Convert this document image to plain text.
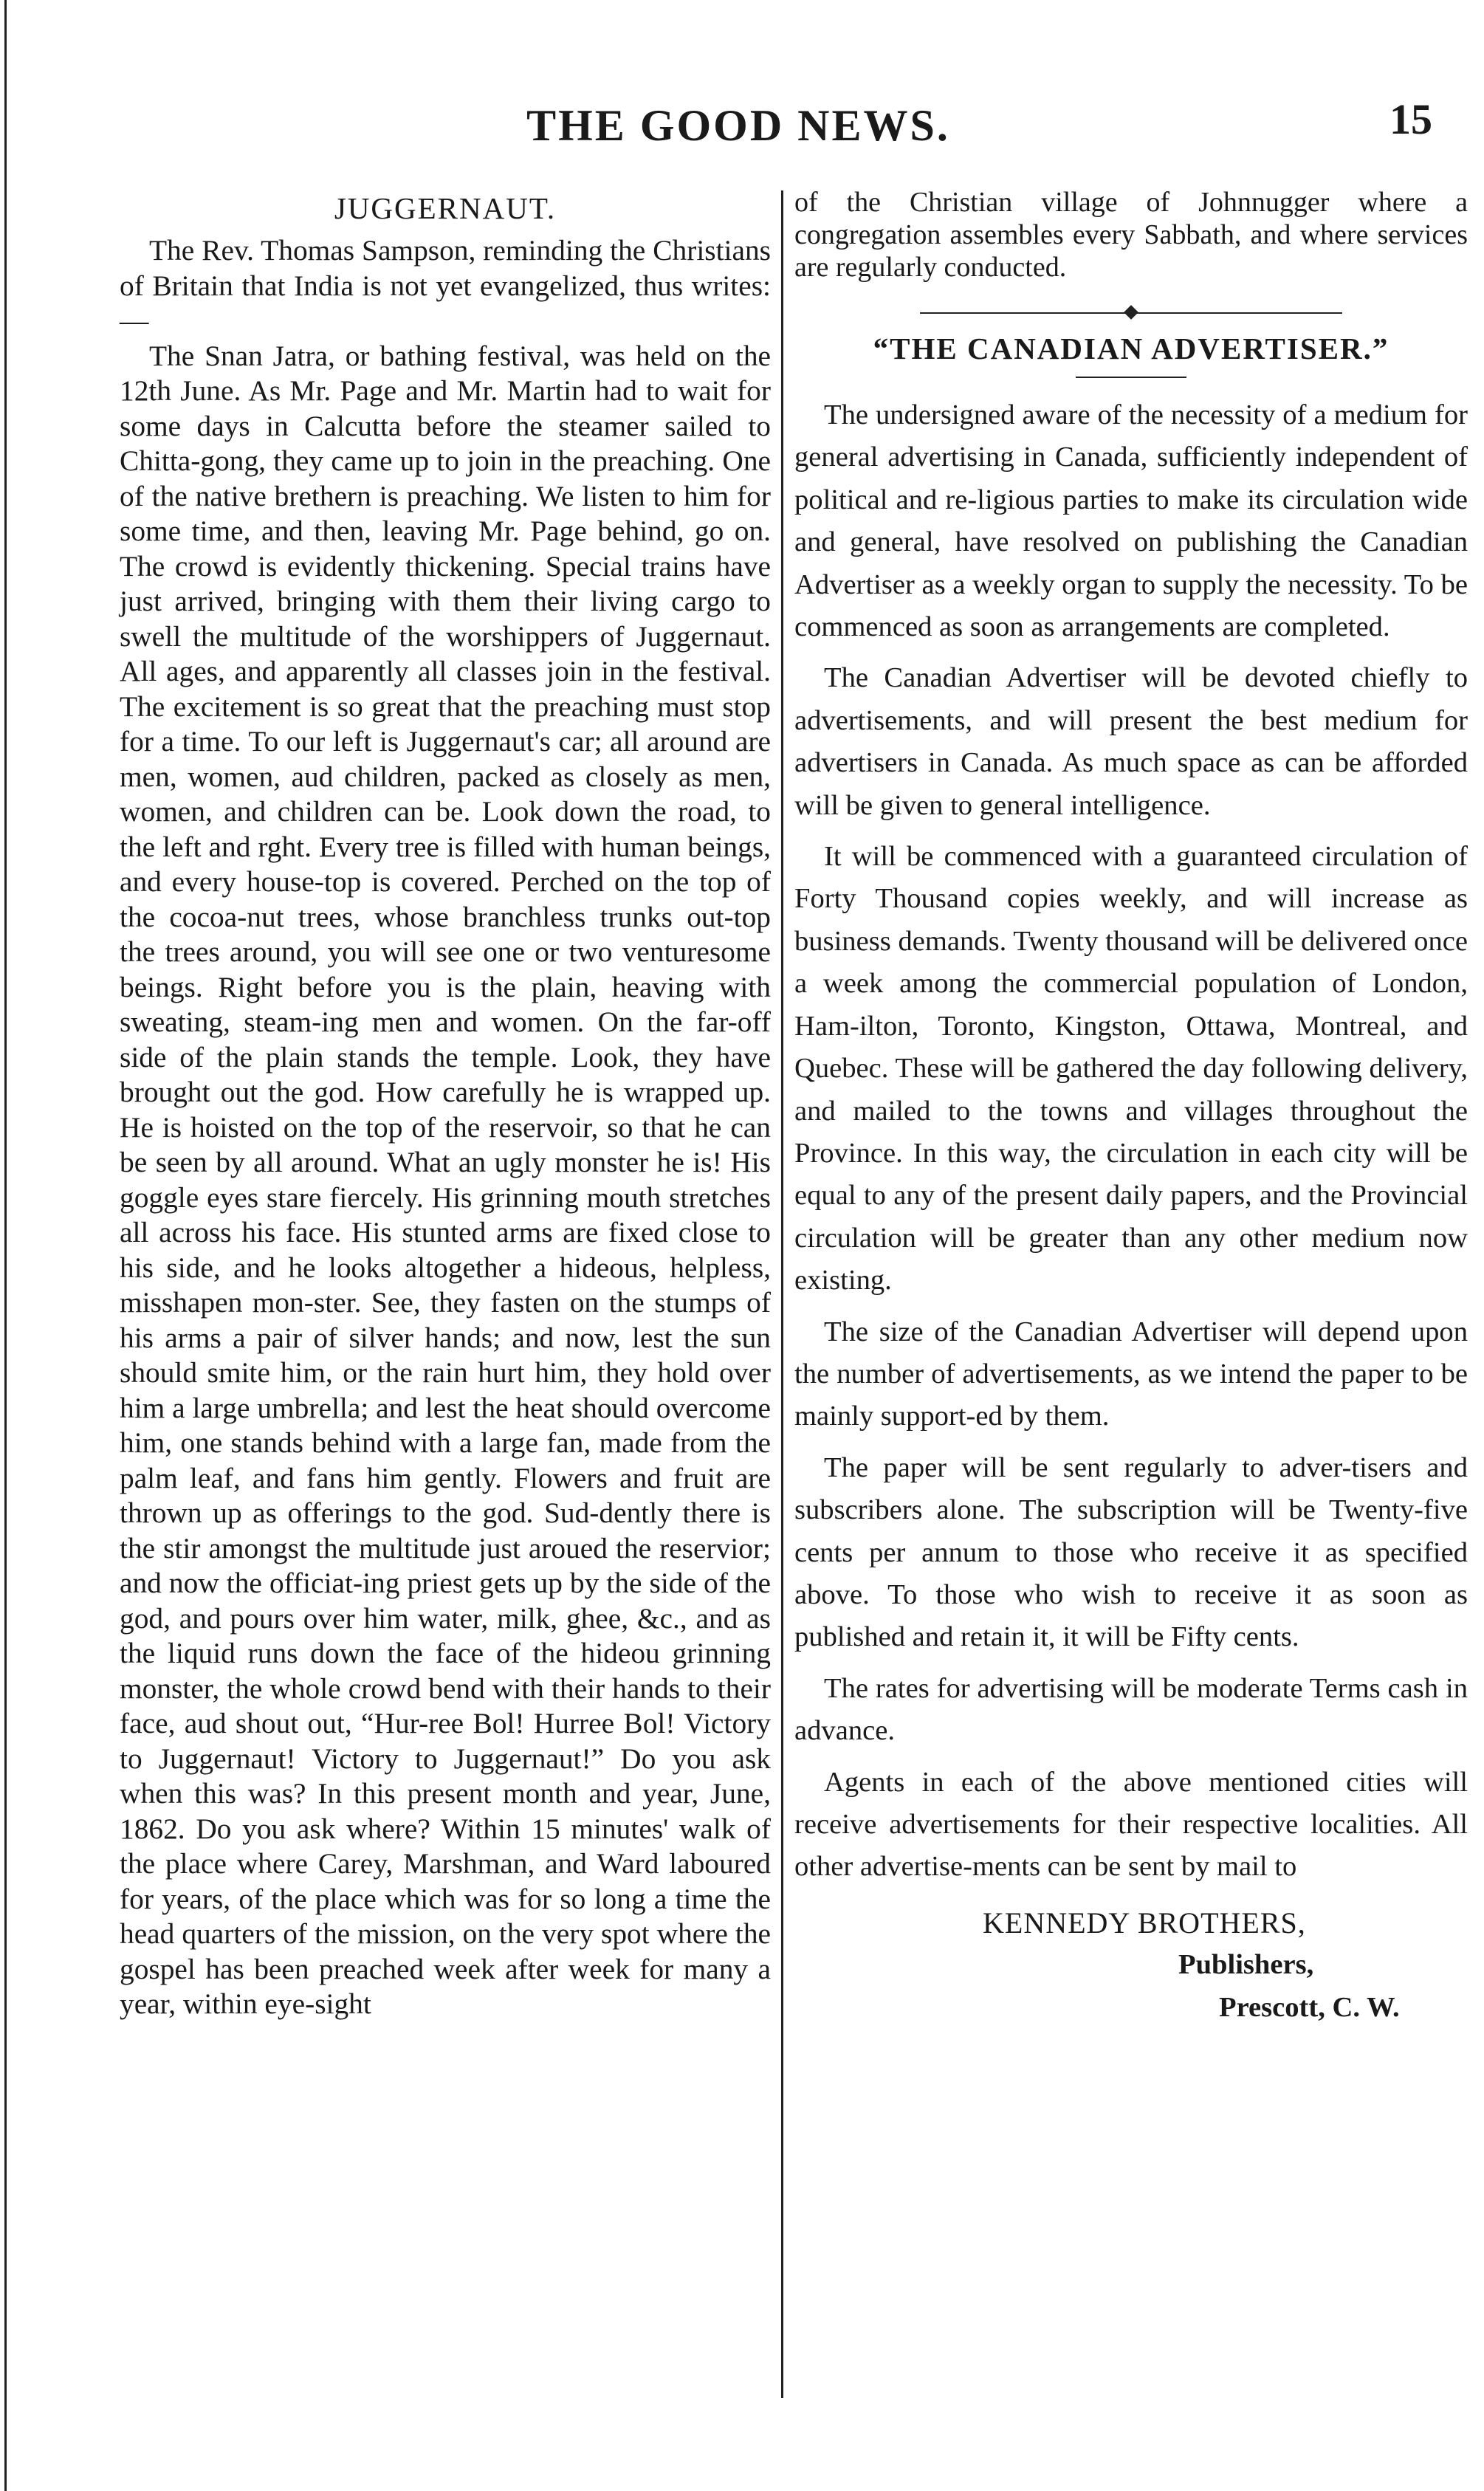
THE GOOD NEWS.	15
JUGGERNAUT.

The Rev. Thomas Sampson, reminding the Christians of Britain that India is not yet evangelized, thus writes:—

The Snan Jatra, or bathing festival, was held on the 12th June. As Mr. Page and Mr. Martin had to wait for some days in Calcutta before the steamer sailed to Chitta-gong, they came up to join in the preaching. One of the native brethern is preaching. We listen to him for some time, and then, leaving Mr. Page behind, go on. The crowd is evidently thickening. Special trains have just arrived, bringing with them their living cargo to swell the multitude of the worshippers of Juggernaut. All ages, and apparently all classes join in the festival. The excitement is so great that the preaching must stop for a time. To our left is Juggernaut's car; all around are men, women, aud children, packed as closely as men, women, and children can be. Look down the road, to the left and rght. Every tree is filled with human beings, and every house-top is covered. Perched on the top of the cocoa-nut trees, whose branchless trunks out-top the trees around, you will see one or two venturesome beings. Right before you is the plain, heaving with sweating, steam-ing men and women. On the far-off side of the plain stands the temple. Look, they have brought out the god. How carefully he is wrapped up. He is hoisted on the top of the reservoir, so that he can be seen by all around. What an ugly monster he is! His goggle eyes stare fiercely. His grinning mouth stretches all across his face. His stunted arms are fixed close to his side, and he looks altogether a hideous, helpless, misshapen mon-ster. See, they fasten on the stumps of his arms a pair of silver hands; and now, lest the sun should smite him, or the rain hurt him, they hold over him a large umbrella; and lest the heat should overcome him, one stands behind with a large fan, made from the palm leaf, and fans him gently. Flowers and fruit are thrown up as offerings to the god. Sud-dently there is the stir amongst the multitude just aroued the reservior; and now the officiat-ing priest gets up by the side of the god, and pours over him water, milk, ghee, &c., and as the liquid runs down the face of the hideou grinning monster, the whole crowd bend with their hands to their face, aud shout out, “Hur-ree Bol! Hurree Bol! Victory to Juggernaut! Victory to Juggernaut!” Do you ask when this was? In this present month and year, June, 1862. Do you ask where? Within 15 minutes' walk of the place where Carey, Marshman, and Ward laboured for years, of the place which was for so long a time the head quarters of the mission, on the very spot where the gospel has been preached week after week for many a year, within eye-sight

of the Christian village of Johnnugger where a congregation assembles every Sabbath, and where services are regularly conducted.

“THE CANADIAN ADVERTISER.”

The undersigned aware of the necessity of a medium for general advertising in Canada, sufficiently independent of political and re-ligious parties to make its circulation wide and general, have resolved on publishing the Canadian Advertiser as a weekly organ to supply the necessity. To be commenced as soon as arrangements are completed.

The Canadian Advertiser will be devoted chiefly to advertisements, and will present the best medium for advertisers in Canada. As much space as can be afforded will be given to general intelligence.

It will be commenced with a guaranteed circulation of Forty Thousand copies weekly, and will increase as business demands. Twenty thousand will be delivered once a week among the commercial population of London, Ham-ilton, Toronto, Kingston, Ottawa, Montreal, and Quebec. These will be gathered the day following delivery, and mailed to the towns and villages throughout the Province. In this way, the circulation in each city will be equal to any of the present daily papers, and the Provincial circulation will be greater than any other medium now existing.

The size of the Canadian Advertiser will depend upon the number of advertisements, as we intend the paper to be mainly support-ed by them.

The paper will be sent regularly to adver-tisers and subscribers alone. The subscription will be Twenty-five cents per annum to those who receive it as specified above. To those who wish to receive it as soon as published and retain it, it will be Fifty cents.

The rates for advertising will be moderate Terms cash in advance.

Agents in each of the above mentioned cities will receive advertisements for their respective localities. All other advertise-ments can be sent by mail to

KENNEDY BROTHERS,
Publishers,
Prescott, C. W.
